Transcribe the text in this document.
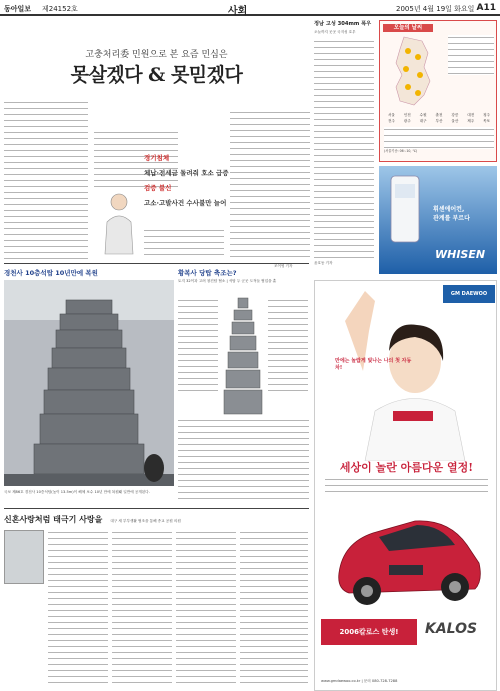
동아일보 제24152호	사회	2005년 4월 19일 화요일 A11
고충처리委 민원으로 본 요즘 민심은
못살겠다 & 못믿겠다
경기침체
체납·전세금 돌려줘 호소 급증
검증 불신
고소·고발사건 수사불만 늘어
조이영 기자
정남 고성 304mm 폭우
오늘까지 곳곳 국지성 호우
윤호동 기자
오늘의 날씨
서울	인천	수원	춘천	강릉	대전	청주
전주	광주	대구	부산	울산	제주	목포
(서울기준: 06∼10, ℃)
휘센에어컨,
관계를 부르다
WHISEN
경천사 10층석탑 10년만에 복원
국보 제86호 경천사 10층석탑(높이 13.5m)이 해체 보수 10년 만에 복원돼 일반에 공개된다.
황복사 당탑 축조는?
토지 32이과 고려 창건탑 협소 | 석탑 두 군곳 도적들 협업을 훈
GM DAEWOO
만에는 놀랍게 빛나는 나의 첫 자동차!
세상이 놀란 아름다운 열정!
2006칼로스 탄생!	KALOS
www.gmdaewoo.co.kr | 문의 080-728-7288
신혼사랑처럼 태극기 사랑을 대구 새 부부생활 협조을 통해 종교 공원 의원
